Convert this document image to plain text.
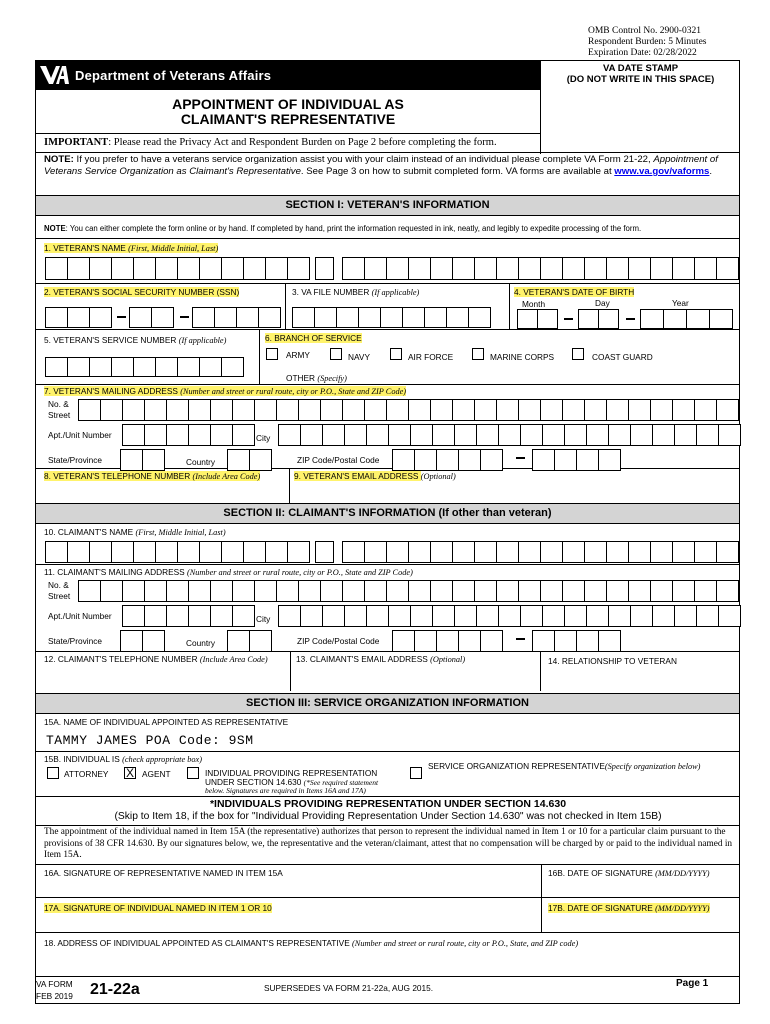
OMB Control No. 2900-0321
Respondent Burden: 5 Minutes
Expiration Date: 02/28/2022
Department of Veterans Affairs	VA DATE STAMP
(DO NOT WRITE IN THIS SPACE)
APPOINTMENT OF INDIVIDUAL AS
CLAIMANT'S REPRESENTATIVE
IMPORTANT: Please read the Privacy Act and Respondent Burden on Page 2 before completing the form.
NOTE: If you prefer to have a veterans service organization assist you with your claim instead of an individual please complete VA Form 21-22, Appointment of Veterans Service Organization as Claimant's Representative. See Page 3 on how to submit completed form. VA forms are available at www.va.gov/vaforms.
SECTION I: VETERAN'S INFORMATION
NOTE: You can either complete the form online or by hand. If completed by hand, print the information requested in ink, neatly, and legibly to expedite processing of the form.
1. VETERAN'S NAME (First, Middle Initial, Last)
2. VETERAN'S SOCIAL SECURITY NUMBER (SSN)	3. VA FILE NUMBER (If applicable)	4. VETERAN'S DATE OF BIRTH
Month	Day	Year
5. VETERAN'S SERVICE NUMBER (If applicable)	6. BRANCH OF SERVICE
OTHER (Specify)
7. VETERAN'S MAILING ADDRESS (Number and street or rural route, city or P.O., State and ZIP Code)
8. VETERAN'S TELEPHONE NUMBER (Include Area Code)	9. VETERAN'S EMAIL ADDRESS (Optional)
SECTION II: CLAIMANT'S INFORMATION (If other than veteran)
10. CLAIMANT'S NAME (First, Middle Initial, Last)
11. CLAIMANT'S MAILING ADDRESS (Number and street or rural route, city or P.O., State and ZIP Code)
12. CLAIMANT'S TELEPHONE NUMBER (Include Area Code)	13. CLAIMANT'S EMAIL ADDRESS (Optional)	14. RELATIONSHIP TO VETERAN
SECTION III: SERVICE ORGANIZATION INFORMATION
15A. NAME OF INDIVIDUAL APPOINTED AS REPRESENTATIVE
TAMMY JAMES POA Code: 9SM
15B. INDIVIDUAL IS (check appropriate box)
ATTORNEY X AGENT	INDIVIDUAL PROVIDING REPRESENTATION
UNDER SECTION 14.630 (*See required statement
below. Signatures are required in Items 16A and 17A)
SERVICE ORGANIZATION REPRESENTATIVE(Specify organization below)
*INDIVIDUALS PROVIDING REPRESENTATION UNDER SECTION 14.630
(Skip to Item 18, if the box for "Individual Providing Representation Under Section 14.630" was not checked in Item 15B)
The appointment of the individual named in Item 15A (the representative) authorizes that person to represent the individual named in Item 1 or 10 for a particular claim pursuant to the provisions of 38 CFR 14.630. By our signatures below, we, the representative and the veteran/claimant, attest that no compensation will be charged by or paid to the individual named in Item 15A.
16A. SIGNATURE OF REPRESENTATIVE NAMED IN ITEM 15A	16B. DATE OF SIGNATURE (MM/DD/YYYY)
17A. SIGNATURE OF INDIVIDUAL NAMED IN ITEM 1 OR 10	17B. DATE OF SIGNATURE (MM/DD/YYYY)
18. ADDRESS OF INDIVIDUAL APPOINTED AS CLAIMANT'S REPRESENTATIVE (Number and street or rural route, city or P.O., State, and ZIP code)
VA FORM
FEB 2019 21-22a	SUPERSEDES VA FORM 21-22a, AUG 2015.	Page 1
ARMY	NAVY	AIR FORCE	MARINE CORPS	COAST GUARD
No. &
Street
Apt./Unit Number	City
State/Province	Country	ZIP Code/Postal Code
No. &
Street
Apt./Unit Number	City
State/Province	Country	ZIP Code/Postal Code
